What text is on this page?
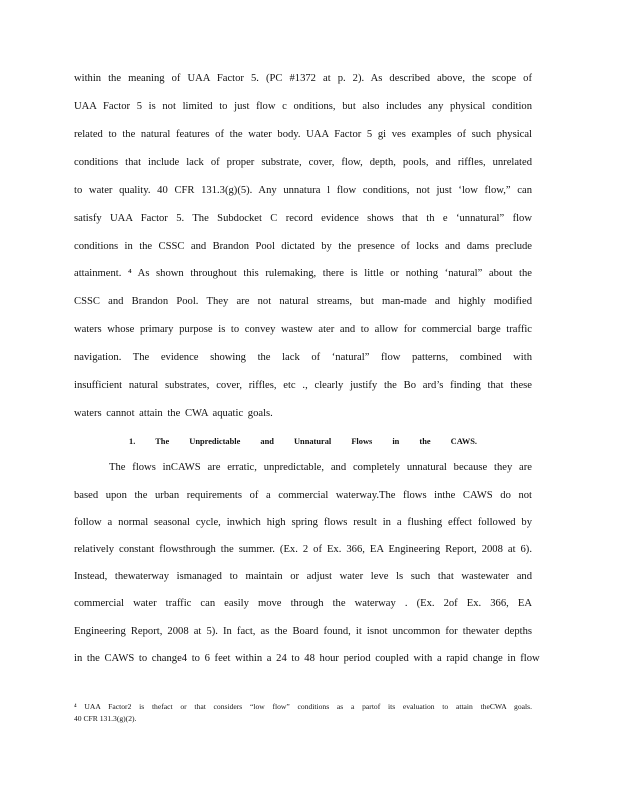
within the meaning of UAA Factor 5. (PC #1372 at p. 2). As described above, the scope of
UAA Factor 5 is not limited to just flow c onditions, but also includes any physical condition
related to the natural features of the water body. UAA Factor 5 gi ves examples of such physical
conditions that include lack of proper substrate, cover, flow, depth, pools, and riffles, unrelated
to water quality. 40 CFR 131.3(g)(5). Any unnatura l flow conditions, not just ‘low flow,” can
satisfy UAA Factor 5. The Subdocket C record evidence shows that th e ‘unnatural” flow
conditions in the CSSC and Brandon Pool dictated by the presence of locks and dams preclude
attainment. ⁴ As shown throughout this rulemaking, there is little or nothing ‘natural” about the
CSSC and Brandon Pool. They are not natural streams, but man-made and highly modified
waters whose primary purpose is to convey wastew ater and to allow for commercial barge traffic
navigation. The evidence showing the lack of ‘natural” flow patterns, combined with
insufficient natural substrates, cover, riffles, etc ., clearly justify the Bo ard’s finding that these
waters cannot attain the CWA aquatic goals.
1. The Unpredictable and Unnatural Flows in the CAWS.
The flows inCAWS are erratic, unpredictable, and completely unnatural because they are
based upon the urban requirements of a commercial waterway.The flows inthe CAWS do not
follow a normal seasonal cycle, inwhich high spring flows result in a flushing effect followed by
relatively constant flowsthrough the summer. (Ex. 2 of Ex. 366, EA Engineering Report, 2008 at 6).
Instead, thewaterway ismanaged to maintain or adjust water leve ls such that wastewater and
commercial water traffic can easily move through the waterway . (Ex. 2of Ex. 366, EA
Engineering Report, 2008 at 5). In fact, as the Board found, it isnot uncommon for thewater depths
in the CAWS to change4 to 6 feet within a 24 to 48 hour period coupled with a rapid change in flow
⁴ UAA Factor2 is thefact or that considers “low flow” conditions as a partof its evaluation to attain theCWA goals.
40 CFR 131.3(g)(2).
